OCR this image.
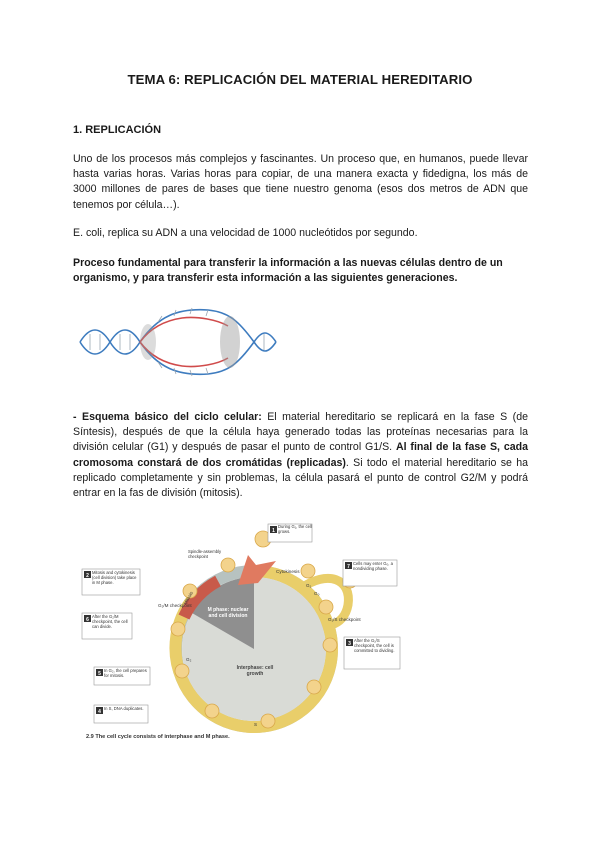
TEMA 6: REPLICACIÓN DEL MATERIAL HEREDITARIO
1. REPLICACIÓN
Uno de los procesos más complejos y fascinantes. Un proceso que, en humanos, puede llevar hasta varias horas. Varias horas para copiar, de una manera exacta y fidedigna, los más de 3000 millones de pares de bases que tiene nuestro genoma (esos dos metros de ADN que tenemos por célula…).
E. coli, replica su ADN a una velocidad de 1000 nucleótidos por segundo.
Proceso fundamental para transferir la información a las nuevas células dentro de un organismo, y para transferir esta información a las siguientes generaciones.
- Esquema básico del ciclo celular: El material hereditario se replicará en la fase S (de Síntesis), después de que la célula haya generado todas las proteínas necesarias para la división celular (G1) y después de pasar el punto de control G1/S. Al final de la fase S, cada cromosoma constará de dos cromátidas (replicadas). Si todo el material hereditario se ha replicado completamente y sin problemas, la célula pasará el punto de control G2/M y podrá entrar en la fas de división (mitosis).
1
2
7
6
3
5
4
During G₁, the cell grows.
Mitosis and cytokinesis (cell division) take place in M phase.
Cells may enter G₀, a nondividing phase.
After the G₂/M checkpoint, the cell can divide.
After the G₁/S checkpoint, the cell is committed to dividing.
In G₂, the cell prepares for mitosis.
In S, DNA duplicates.
Spindle-assembly checkpoint
Cytokinesis
G₂/M checkpoint
G₁/S checkpoint
G₀
G₁
G₂
S
Mitosis
M phase: nuclear and cell division
Interphase: cell growth
2.9 The cell cycle consists of interphase and M phase.
